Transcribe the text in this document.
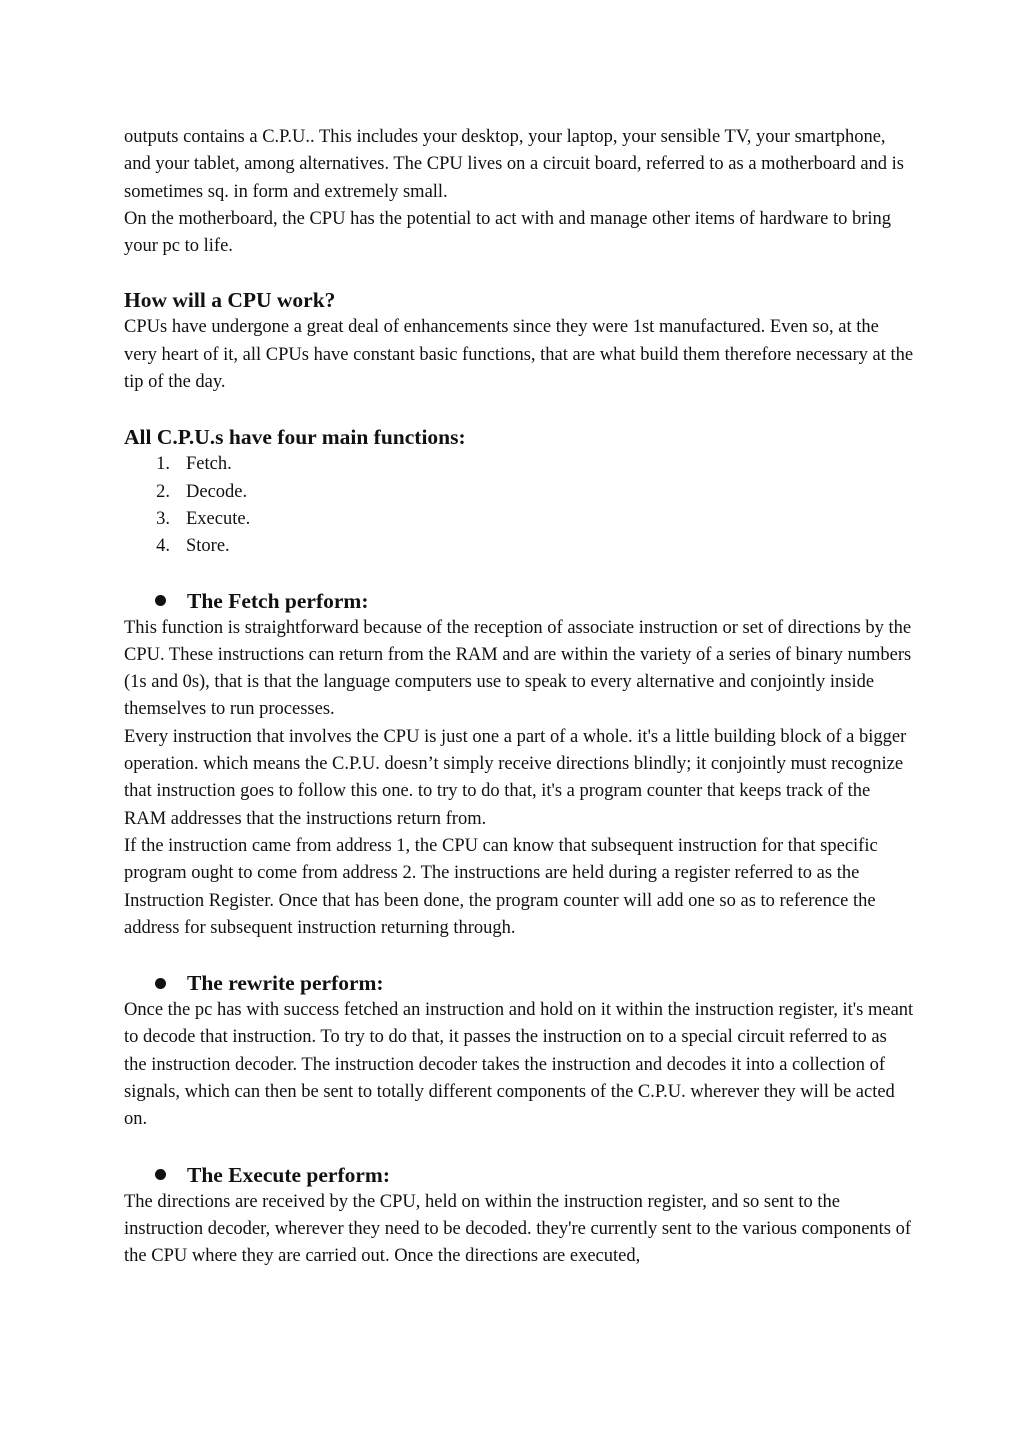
outputs contains a C.P.U.. This includes your desktop, your laptop, your sensible TV, your smartphone, and your tablet, among alternatives. The CPU lives on a circuit board, referred to as a motherboard and is sometimes sq. in form and extremely small.

On the motherboard, the CPU has the potential to act with and manage other items of hardware to bring your pc to life.

How will a CPU work?

CPUs have undergone a great deal of enhancements since they were 1st manufactured. Even so, at the very heart of it, all CPUs have constant basic functions, that are what build them therefore necessary at the tip of the day.

All C.P.U.s have four main functions:
1. Fetch.
2. Decode.
3. Execute.
4. Store.
The Fetch perform:

This function is straightforward because of the reception of associate instruction or set of directions by the CPU. These instructions can return from the RAM and are within the variety of a series of binary numbers (1s and 0s), that is that the language computers use to speak to every alternative and conjointly inside themselves to run processes.

Every instruction that involves the CPU is just one a part of a whole. it's a little building block of a bigger operation. which means the C.P.U. doesn’t simply receive directions blindly; it conjointly must recognize that instruction goes to follow this one. to try to do that, it's a program counter that keeps track of the RAM addresses that the instructions return from.

If the instruction came from address 1, the CPU can know that subsequent instruction for that specific program ought to come from address 2. The instructions are held during a register referred to as the Instruction Register. Once that has been done, the program counter will add one so as to reference the address for subsequent instruction returning through.

The rewrite perform:

Once the pc has with success fetched an instruction and hold on it within the instruction register, it's meant to decode that instruction. To try to do that, it passes the instruction on to a special circuit referred to as the instruction decoder. The instruction decoder takes the instruction and decodes it into a collection of signals, which can then be sent to totally different components of the C.P.U. wherever they will be acted on.

The Execute perform:

The directions are received by the CPU, held on within the instruction register, and so sent to the instruction decoder, wherever they need to be decoded. they're currently sent to the various components of the CPU where they are carried out. Once the directions are executed,
